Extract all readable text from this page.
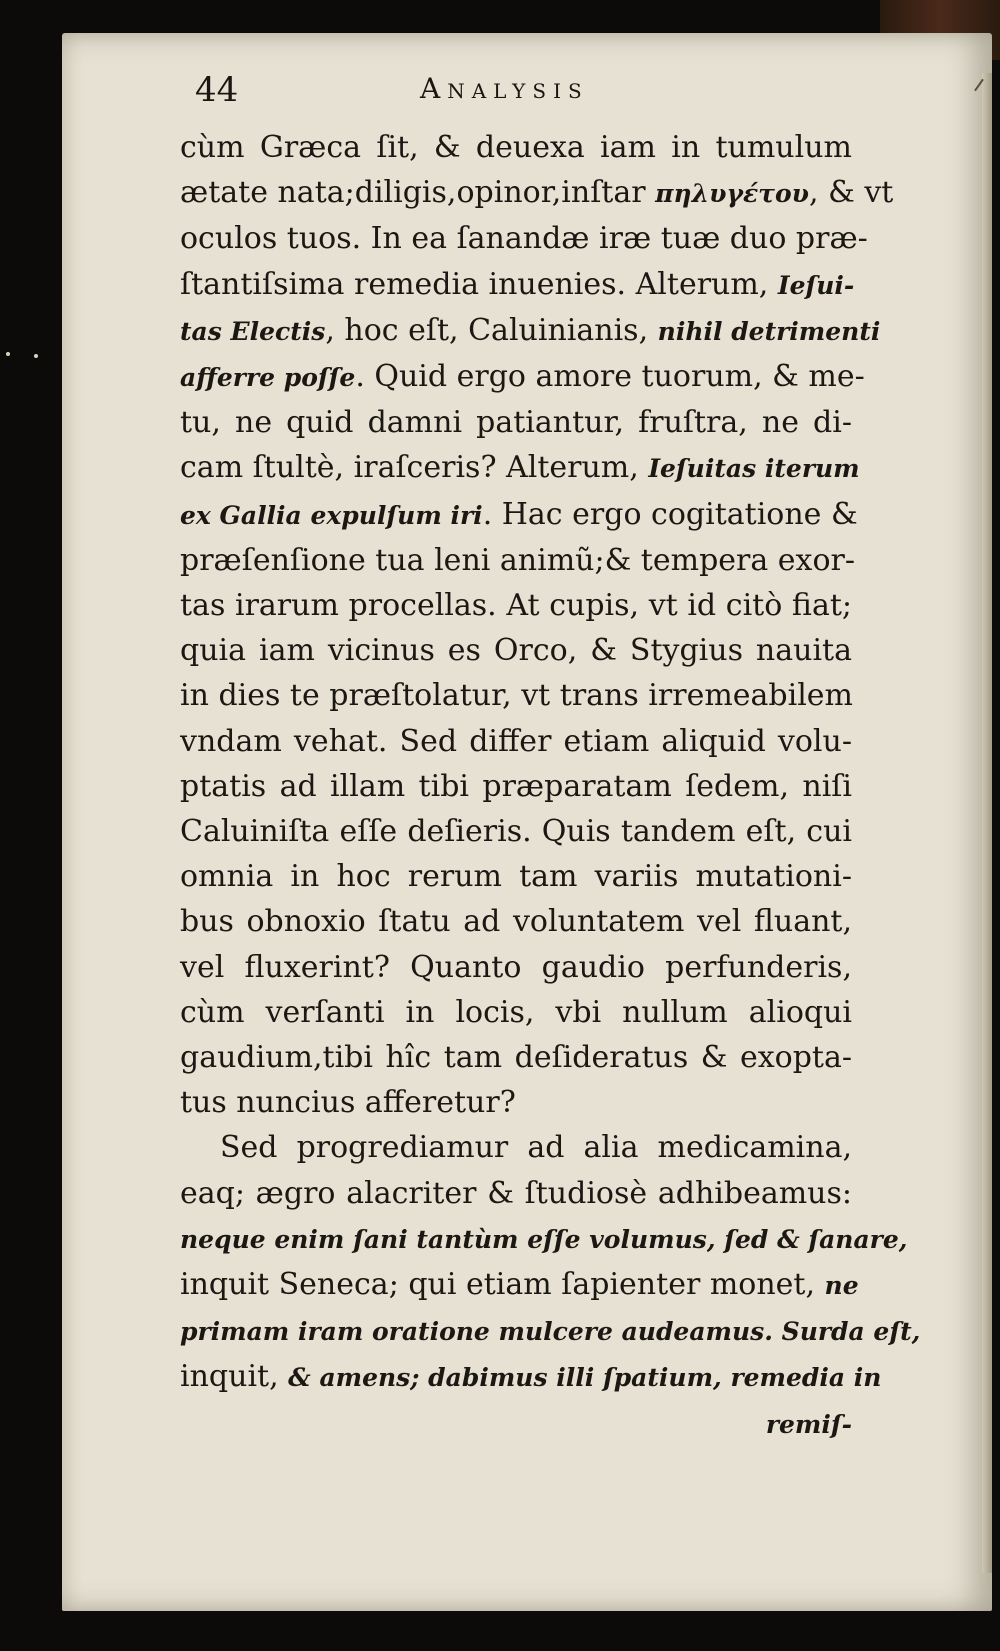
44	Analysis
cùm Græca ſit, & deuexa iam in tumulum
ætate nata;diligis,opinor,inſtar πηλυγέτου, & vt
oculos tuos. In ea ſanandæ iræ tuæ duo præ-
ſtantiſsima remedia inuenies. Alterum, Ieſui-
tas Electis, hoc eſt, Caluinianis, nihil detrimenti
afferre poſſe. Quid ergo amore tuorum, & me-
tu, ne quid damni patiantur, fruſtra, ne di-
cam ſtultè, iraſceris? Alterum, Ieſuitas iterum
ex Gallia expulſum iri. Hac ergo cogitatione &
præſenſione tua leni animũ;& tempera exor-
tas irarum procellas. At cupis, vt id citò fiat;
quia iam vicinus es Orco, & Stygius nauita
in dies te præſtolatur, vt trans irremeabilem
vndam vehat. Sed differ etiam aliquid volu-
ptatis ad illam tibi præparatam ſedem, niſi
Caluiniſta eſſe deſieris. Quis tandem eſt, cui
omnia in hoc rerum tam variis mutationi-
bus obnoxio ſtatu ad voluntatem vel fluant,
vel fluxerint? Quanto gaudio perfunderis,
cùm verſanti in locis, vbi nullum alioqui
gaudium,tibi hîc tam deſideratus & exopta-
tus nuncius afferetur?
Sed progrediamur ad alia medicamina,
eaq; ægro alacriter & ſtudiosè adhibeamus:
neque enim ſani tantùm eſſe volumus, ſed & ſanare,
inquit Seneca; qui etiam ſapienter monet, ne
primam iram oratione mulcere audeamus. Surda eſt,
inquit, & amens; dabimus illi ſpatium, remedia in
remiſ-
